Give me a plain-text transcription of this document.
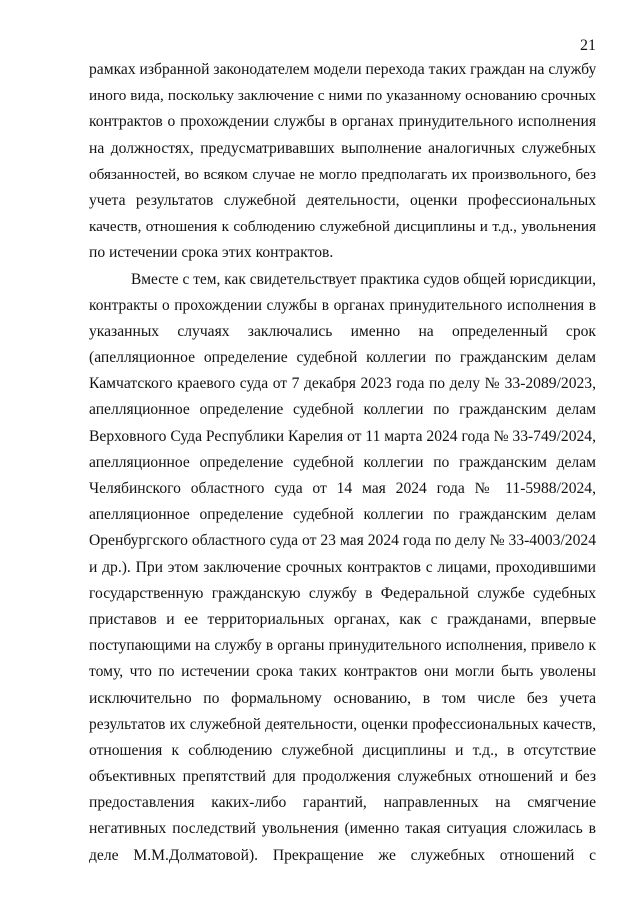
21
рамках избранной законодателем модели перехода таких граждан на службу
иного вида, поскольку заключение с ними по указанному основанию срочных
контрактов о прохождении службы в органах принудительного исполнения
на должностях, предусматривавших выполнение аналогичных служебных
обязанностей, во всяком случае не могло предполагать их произвольного, без
учета результатов служебной деятельности, оценки профессиональных
качеств, отношения к соблюдению служебной дисциплины и т.д., увольнения
по истечении срока этих контрактов.
Вместе с тем, как свидетельствует практика судов общей юрисдикции,
контракты о прохождении службы в органах принудительного исполнения в
указанных случаях заключались именно на определенный срок
(апелляционное определение судебной коллегии по гражданским делам
Камчатского краевого суда от 7 декабря 2023 года по делу № 33-2089/2023,
апелляционное определение судебной коллегии по гражданским делам
Верховного Суда Республики Карелия от 11 марта 2024 года № 33-749/2024,
апелляционное определение судебной коллегии по гражданским делам
Челябинского областного суда от 14 мая 2024 года № 11-5988/2024,
апелляционное определение судебной коллегии по гражданским делам
Оренбургского областного суда от 23 мая 2024 года по делу № 33-4003/2024
и др.). При этом заключение срочных контрактов с лицами, проходившими
государственную гражданскую службу в Федеральной службе судебных
приставов и ее территориальных органах, как с гражданами, впервые
поступающими на службу в органы принудительного исполнения, привело к
тому, что по истечении срока таких контрактов они могли быть уволены
исключительно по формальному основанию, в том числе без учета
результатов их служебной деятельности, оценки профессиональных качеств,
отношения к соблюдению служебной дисциплины и т.д., в отсутствие
объективных препятствий для продолжения служебных отношений и без
предоставления каких-либо гарантий, направленных на смягчение
негативных последствий увольнения (именно такая ситуация сложилась в
деле М.М.Долматовой). Прекращение же служебных отношений с
